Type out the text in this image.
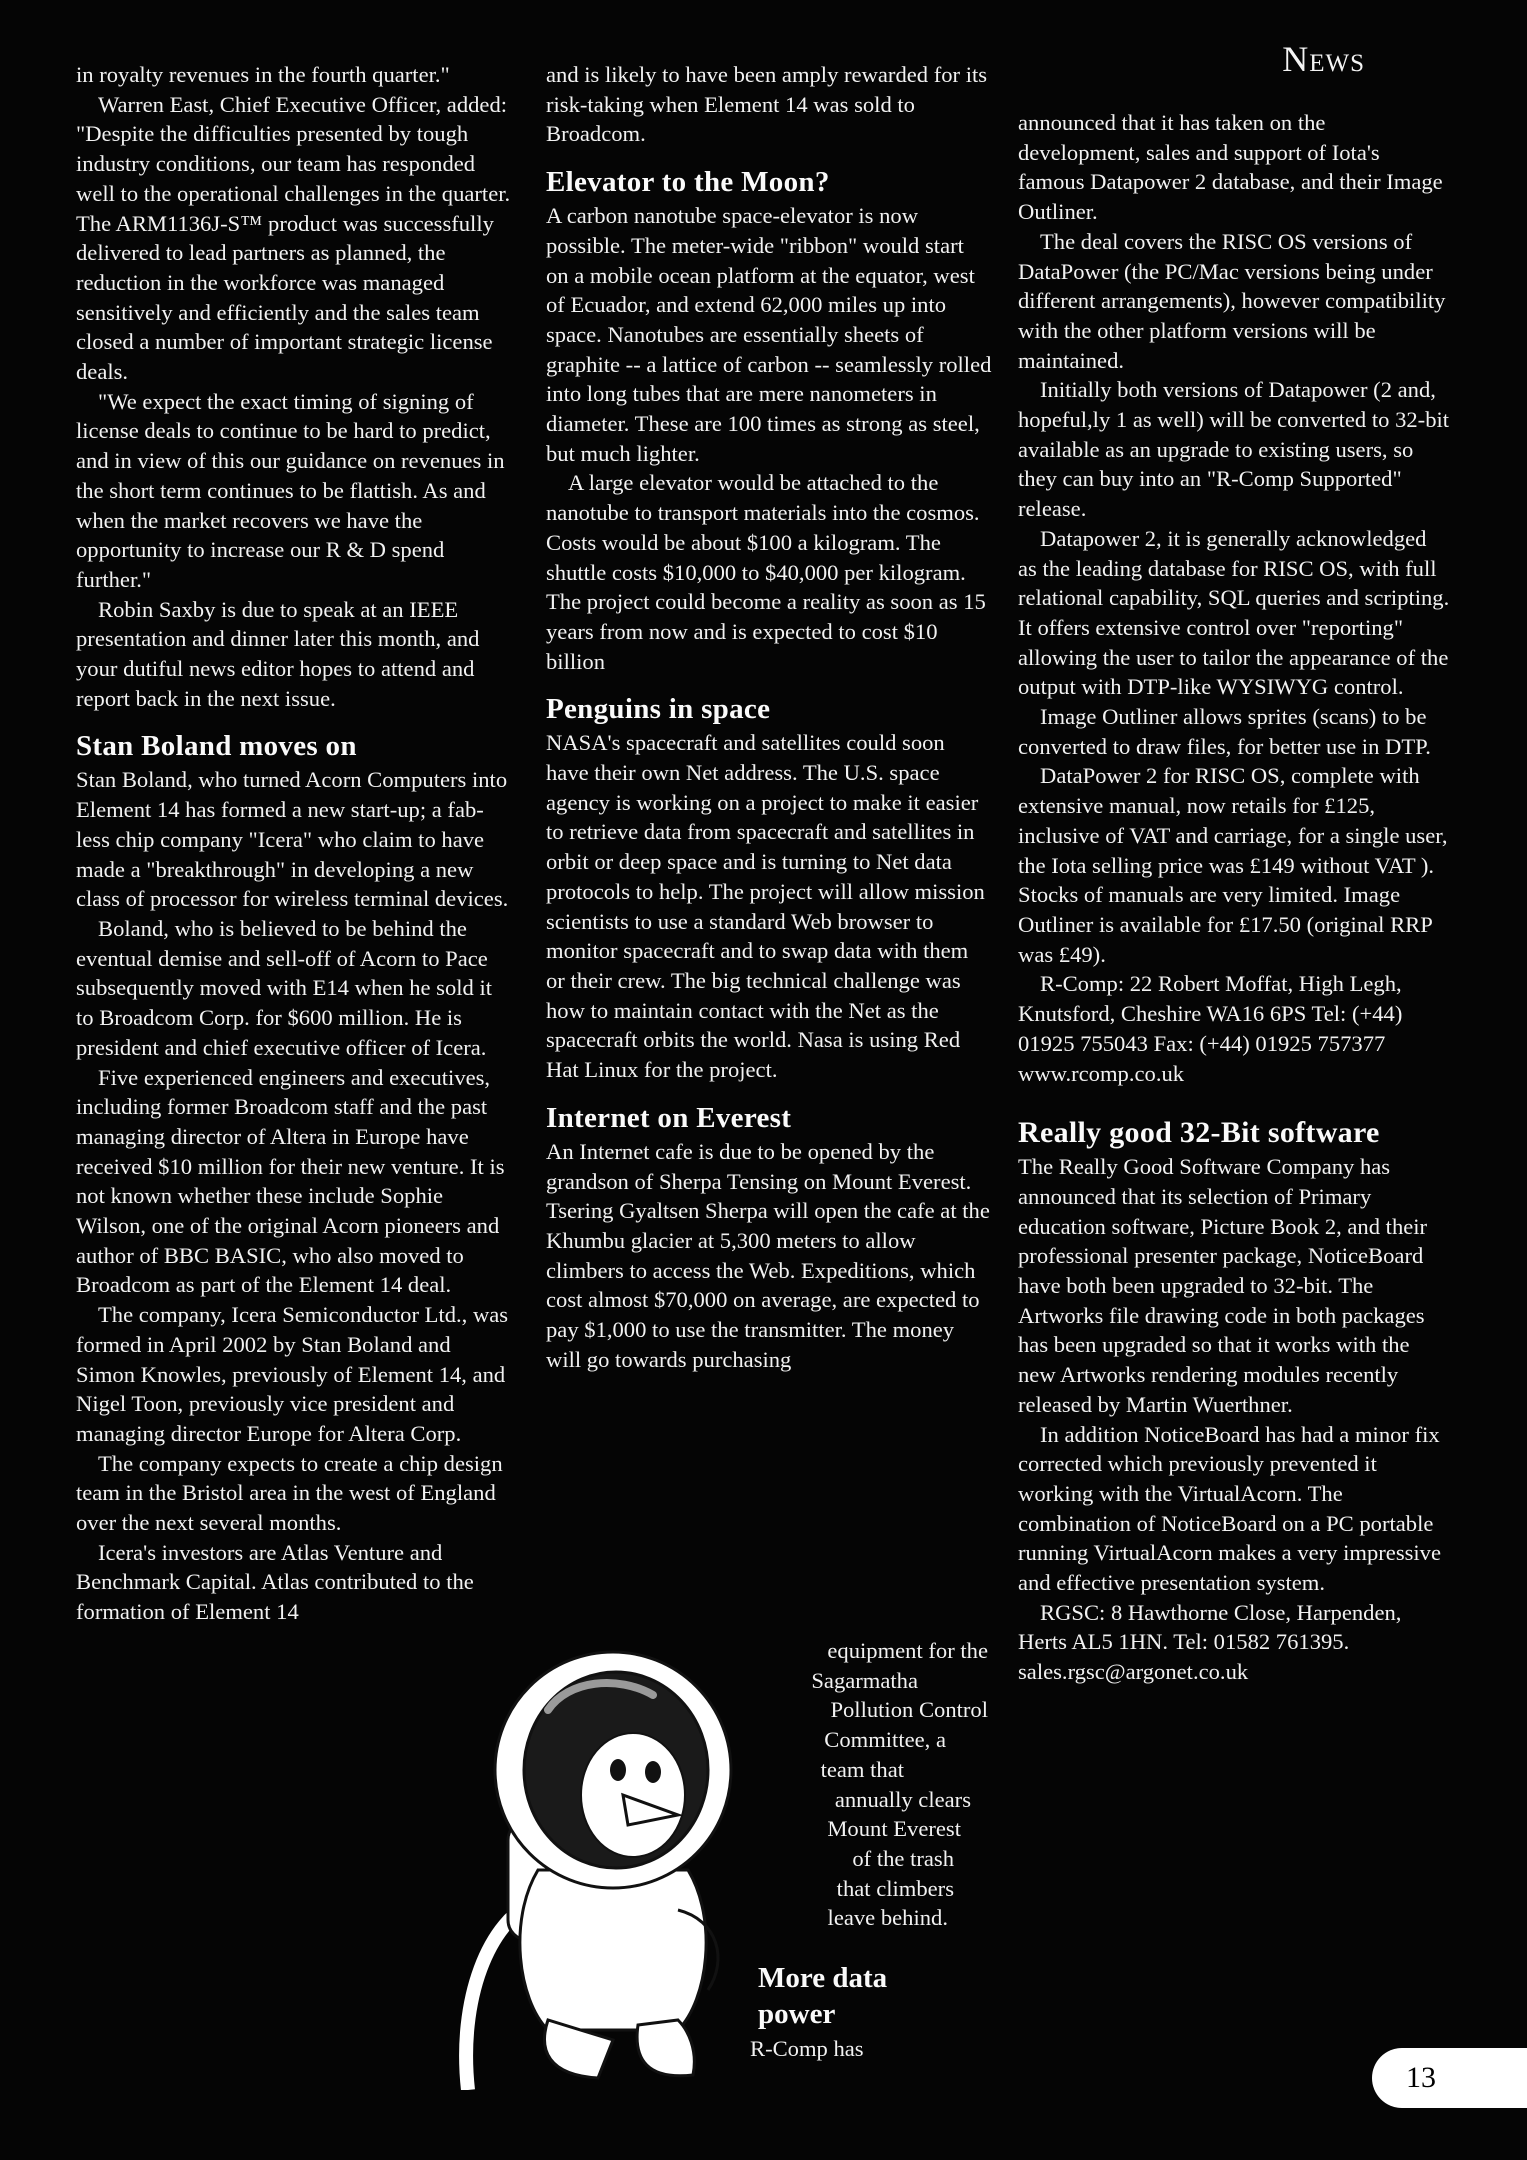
News

in royalty revenues in the fourth quarter."

Warren East, Chief Executive Officer, added: "Despite the difficulties presented by tough industry conditions, our team has responded well to the operational challenges in the quarter. The ARM1136J-S™ product was successfully delivered to lead partners as planned, the reduction in the workforce was managed sensitively and efficiently and the sales team closed a number of important strategic license deals.

"We expect the exact timing of signing of license deals to continue to be hard to predict, and in view of this our guidance on revenues in the short term continues to be flattish. As and when the market recovers we have the opportunity to increase our R & D spend further."

Robin Saxby is due to speak at an IEEE presentation and dinner later this month, and your dutiful news editor hopes to attend and report back in the next issue.

Stan Boland moves on

Stan Boland, who turned Acorn Computers into Element 14 has formed a new start-up; a fab-less chip company "Icera" who claim to have made a "breakthrough" in developing a new class of processor for wireless terminal devices.

Boland, who is believed to be behind the eventual demise and sell-off of Acorn to Pace subsequently moved with E14 when he sold it to Broadcom Corp. for $600 million. He is president and chief executive officer of Icera.

Five experienced engineers and executives, including former Broadcom staff and the past managing director of Altera in Europe have received $10 million for their new venture. It is not known whether these include Sophie Wilson, one of the original Acorn pioneers and author of BBC BASIC, who also moved to Broadcom as part of the Element 14 deal.

The company, Icera Semiconductor Ltd., was formed in April 2002 by Stan Boland and Simon Knowles, previously of Element 14, and Nigel Toon, previously vice president and managing director Europe for Altera Corp.

The company expects to create a chip design team in the Bristol area in the west of England over the next several months.

Icera's investors are Atlas Venture and Benchmark Capital. Atlas contributed to the formation of Element 14

and is likely to have been amply rewarded for its risk-taking when Element 14 was sold to Broadcom.

Elevator to the Moon?

A carbon nanotube space-elevator is now possible. The meter-wide "ribbon" would start on a mobile ocean platform at the equator, west of Ecuador, and extend 62,000 miles up into space. Nanotubes are essentially sheets of graphite -- a lattice of carbon -- seamlessly rolled into long tubes that are mere nanometers in diameter. These are 100 times as strong as steel, but much lighter.

A large elevator would be attached to the nanotube to transport materials into the cosmos. Costs would be about $100 a kilogram. The shuttle costs $10,000 to $40,000 per kilogram. The project could become a reality as soon as 15 years from now and is expected to cost $10 billion

Penguins in space

NASA's spacecraft and satellites could soon have their own Net address. The U.S. space agency is working on a project to make it easier to retrieve data from spacecraft and satellites in orbit or deep space and is turning to Net data protocols to help. The project will allow mission scientists to use a standard Web browser to monitor spacecraft and to swap data with them or their crew. The big technical challenge was how to maintain contact with the Net as the spacecraft orbits the world. Nasa is using Red Hat Linux for the project.

Internet on Everest

An Internet cafe is due to be opened by the grandson of Sherpa Tensing on Mount Everest. Tsering Gyaltsen Sherpa will open the cafe at the Khumbu glacier at 5,300 meters to allow climbers to access the Web. Expeditions, which cost almost $70,000 on average, are expected to pay $1,000 to use the transmitter. The money will go towards purchasing

equipment for the
Sagarmatha
Pollution Control
Committee, a
team that
annually clears
Mount Everest
of the trash
that climbers
leave behind.
More data power
R-Comp has

announced that it has taken on the development, sales and support of Iota's famous Datapower 2 database, and their Image Outliner.

The deal covers the RISC OS versions of DataPower (the PC/Mac versions being under different arrangements), however compatibility with the other platform versions will be maintained.

Initially both versions of Datapower (2 and, hopeful,ly 1 as well) will be converted to 32-bit available as an upgrade to existing users, so they can buy into an "R-Comp Supported" release.

Datapower 2, it is generally acknowledged as the leading database for RISC OS, with full relational capability, SQL queries and scripting. It offers extensive control over "reporting" allowing the user to tailor the appearance of the output with DTP-like WYSIWYG control.

Image Outliner allows sprites (scans) to be converted to draw files, for better use in DTP.

DataPower 2 for RISC OS, complete with extensive manual, now retails for £125, inclusive of VAT and carriage, for a single user, the Iota selling price was £149 without VAT ). Stocks of manuals are very limited. Image Outliner is available for £17.50 (original RRP was £49).

R-Comp: 22 Robert Moffat, High Legh, Knutsford, Cheshire WA16 6PS Tel: (+44) 01925 755043 Fax: (+44) 01925 757377 www.rcomp.co.uk

Really good 32-Bit software

The Really Good Software Company has announced that its selection of Primary education software, Picture Book 2, and their professional presenter package, NoticeBoard have both been upgraded to 32-bit. The Artworks file drawing code in both packages has been upgraded so that it works with the new Artworks rendering modules recently released by Martin Wuerthner.

In addition NoticeBoard has had a minor fix corrected which previously prevented it working with the VirtualAcorn. The combination of NoticeBoard on a PC portable running VirtualAcorn makes a very impressive and effective presentation system.

RGSC: 8 Hawthorne Close, Harpenden, Herts AL5 1HN. Tel: 01582 761395.

sales.rgsc@argonet.co.uk

13
